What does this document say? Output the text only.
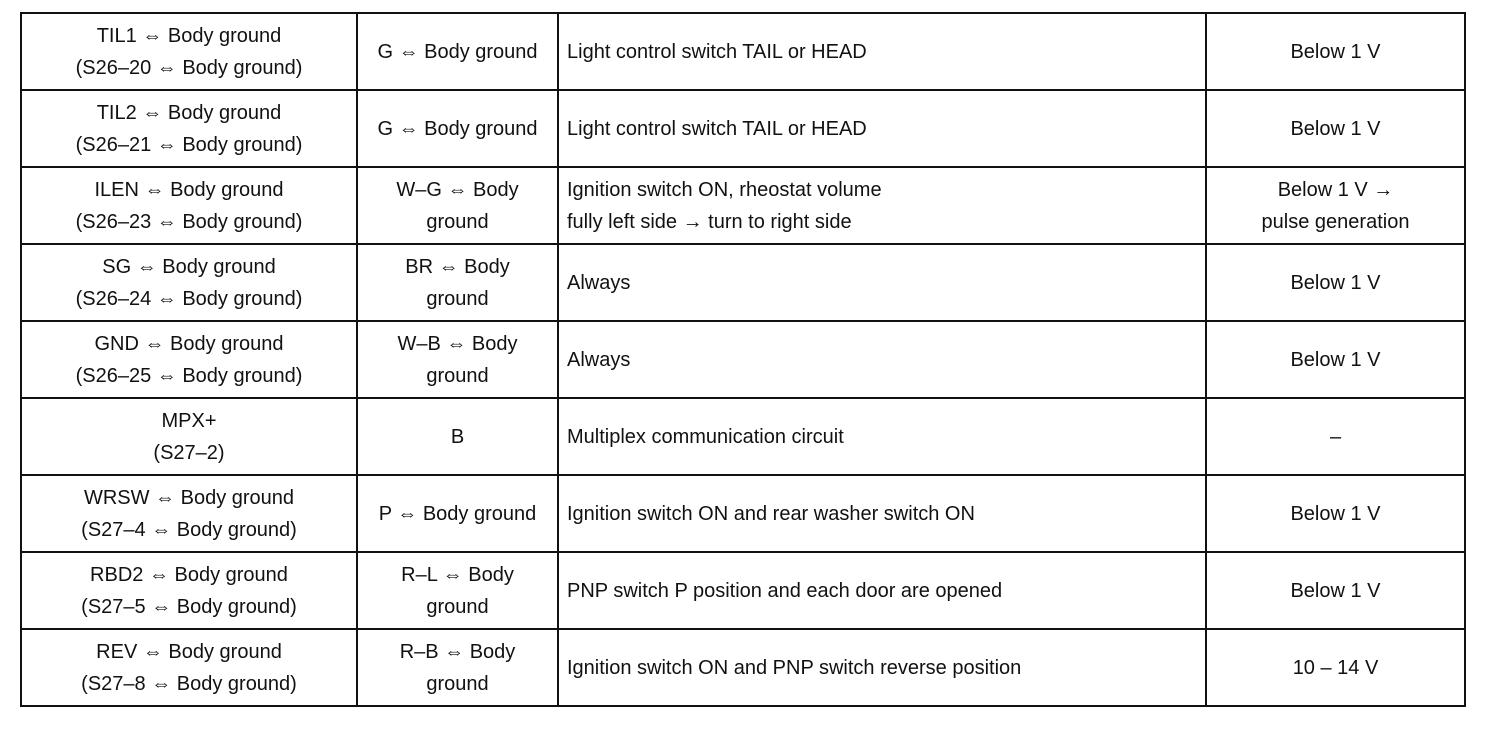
TIL1 ⇔ Body ground
(S26–20 ⇔ Body ground)	G ⇔ Body ground	Light control switch TAIL or HEAD	Below 1 V

TIL2 ⇔ Body ground
(S26–21 ⇔ Body ground)	G ⇔ Body ground	Light control switch TAIL or HEAD	Below 1 V

ILEN ⇔ Body ground
(S26–23 ⇔ Body ground)	W–G ⇔ Body
ground	Ignition switch ON, rheostat volume
fully left side → turn to right side	Below 1 V →
pulse generation

SG ⇔ Body ground
(S26–24 ⇔ Body ground)	BR ⇔ Body
ground	Always	Below 1 V

GND ⇔ Body ground
(S26–25 ⇔ Body ground)	W–B ⇔ Body
ground	Always	Below 1 V

MPX+
(S27–2)	B	Multiplex communication circuit	–

WRSW ⇔ Body ground
(S27–4 ⇔ Body ground)	P ⇔ Body ground	Ignition switch ON and rear washer switch ON	Below 1 V

RBD2 ⇔ Body ground
(S27–5 ⇔ Body ground)	R–L ⇔ Body
ground	PNP switch P position and each door are opened	Below 1 V

REV ⇔ Body ground
(S27–8 ⇔ Body ground)	R–B ⇔ Body
ground	Ignition switch ON and PNP switch reverse position	10 – 14 V
